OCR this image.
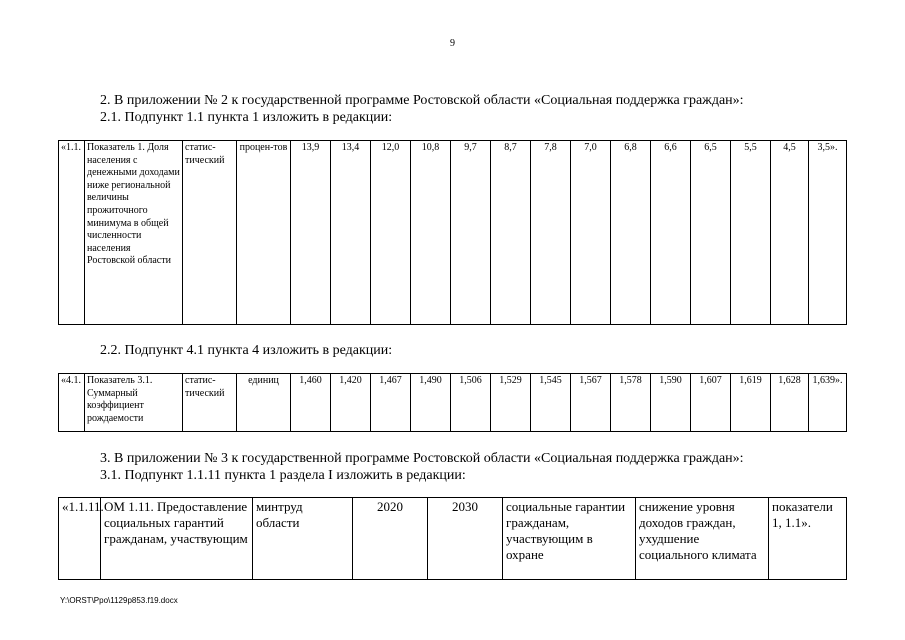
9
2. В приложении № 2 к государственной программе Ростовской области «Социальная поддержка граждан»:
2.1. Подпункт 1.1 пункта 1 изложить в редакции:
«1.1.	Показатель 1. Доля населения с денежными доходами ниже региональной величины прожиточного минимума в общей численности населения Ростовской области	статис-тический	процен-тов	13,9	13,4	12,0	10,8	9,7	8,7	7,8	7,0	6,8	6,6	6,5	5,5	4,5	3,5».
2.2. Подпункт 4.1 пункта 4 изложить в редакции:
«4.1.	Показатель 3.1. Суммарный коэффициент рождаемости	статис-тический	единиц	1,460	1,420	1,467	1,490	1,506	1,529	1,545	1,567	1,578	1,590	1,607	1,619	1,628	1,639».
3. В приложении № 3 к государственной программе Ростовской области «Социальная поддержка граждан»:
3.1. Подпункт 1.1.11 пункта 1 раздела I изложить в редакции:
«1.1.11.	ОМ 1.11. Предоставление социальных гарантий гражданам, участвующим	минтруд области	2020	2030	социальные гарантии гражданам, участвующим в охране	снижение уровня доходов граждан, ухудшение социального климата	показатели 1, 1.1».
Y:\ORST\Ppo\1129p853.f19.docx
